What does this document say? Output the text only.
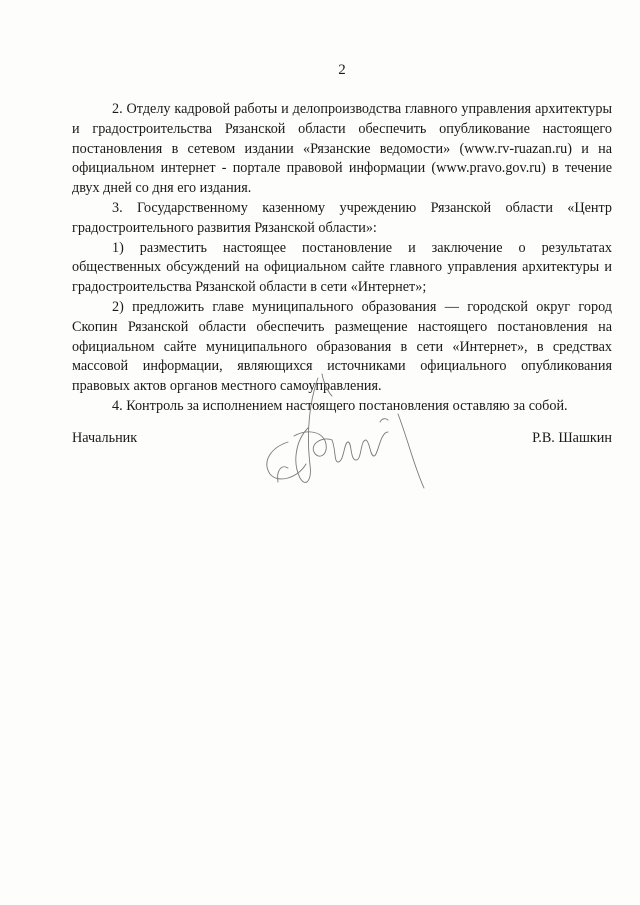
2

2. Отделу кадровой работы и делопроизводства главного управления архитектуры и градостроительства Рязанской области обеспечить опубликование настоящего постановления в сетевом издании «Рязанские ведомости» (www.rv-ruazan.ru) и на официальном интернет - портале правовой информации (www.pravo.gov.ru) в течение двух дней со дня его издания.

3. Государственному казенному учреждению Рязанской области «Центр градостроительного развития Рязанской области»:

1) разместить настоящее постановление и заключение о результатах общественных обсуждений на официальном сайте главного управления архитектуры и градостроительства Рязанской области в сети «Интернет»;

2) предложить главе муниципального образования — городской округ город Скопин Рязанской области обеспечить размещение настоящего постановления на официальном сайте муниципального образования в сети «Интернет», в средствах массовой информации, являющихся источниками официального опубликования правовых актов органов местного самоуправления.

4. Контроль за исполнением настоящего постановления оставляю за собой.

Начальник	Р.В. Шашкин
